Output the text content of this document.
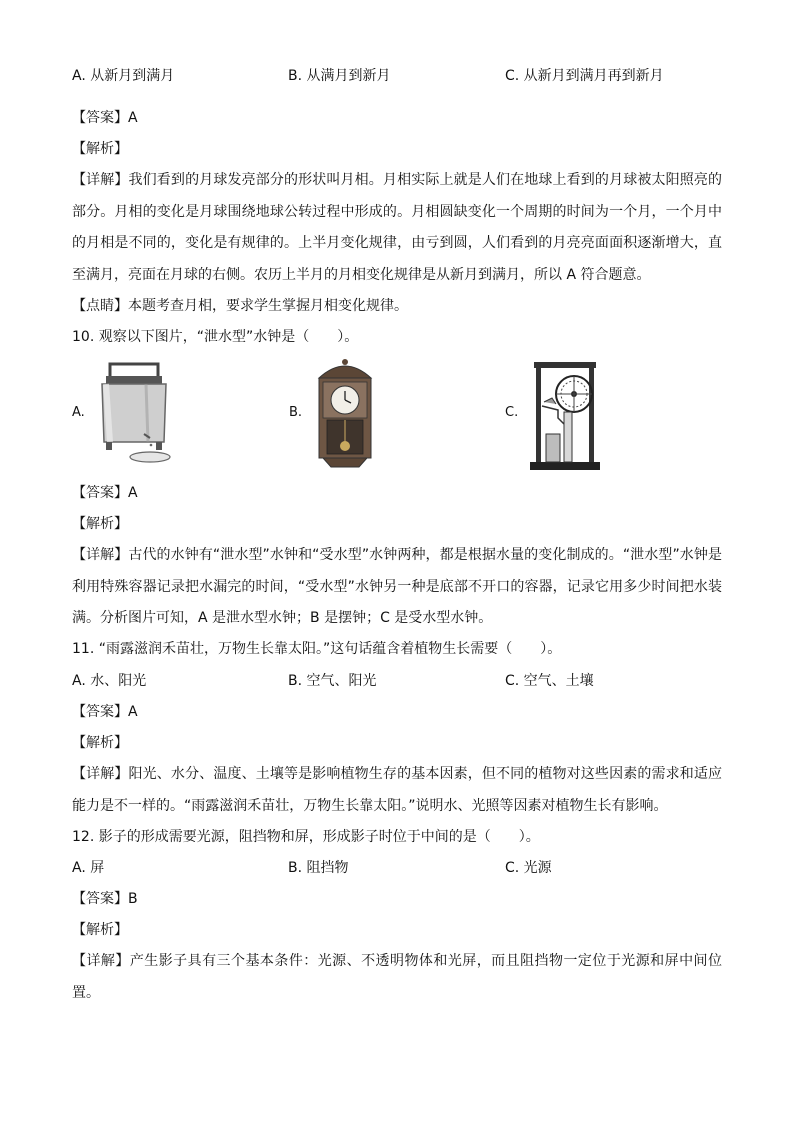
A. 从新月到满月	B. 从满月到新月	C. 从新月到满月再到新月
【答案】A
【解析】
【详解】我们看到的月球发亮部分的形状叫月相。月相实际上就是人们在地球上看到的月球被太阳照亮的部分。月相的变化是月球围绕地球公转过程中形成的。月相圆缺变化一个周期的时间为一个月，一个月中的月相是不同的，变化是有规律的。上半月变化规律，由亏到圆，人们看到的月亮亮面面积逐渐增大，直至满月，亮面在月球的右侧。农历上半月的月相变化规律是从新月到满月，所以 A 符合题意。
【点睛】本题考查月相，要求学生掌握月相变化规律。
10. 观察以下图片，“泄水型”水钟是（　　）。
A.	B.	C.
【答案】A
【解析】
【详解】古代的水钟有“泄水型”水钟和“受水型”水钟两种，都是根据水量的变化制成的。“泄水型”水钟是利用特殊容器记录把水漏完的时间，“受水型”水钟另一种是底部不开口的容器，记录它用多少时间把水装满。分析图片可知，A 是泄水型水钟；B 是摆钟；C 是受水型水钟。
11. “雨露滋润禾苗壮，万物生长靠太阳。”这句话蕴含着植物生长需要（　　）。
A. 水、阳光	B. 空气、阳光	C. 空气、土壤
【答案】A
【解析】
【详解】阳光、水分、温度、土壤等是影响植物生存的基本因素，但不同的植物对这些因素的需求和适应能力是不一样的。“雨露滋润禾苗壮，万物生长靠太阳。”说明水、光照等因素对植物生长有影响。
12. 影子的形成需要光源，阻挡物和屏，形成影子时位于中间的是（　　）。
A. 屏	B. 阻挡物	C. 光源
【答案】B
【解析】
【详解】产生影子具有三个基本条件：光源、不透明物体和光屏，而且阻挡物一定位于光源和屏中间位置。
